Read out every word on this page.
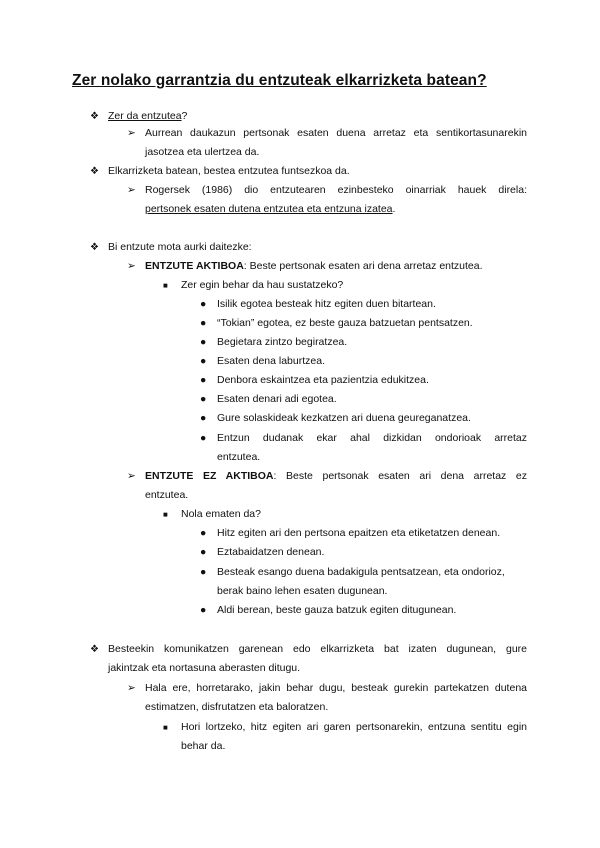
Zer nolako garrantzia du entzuteak elkarrizketa batean?
❖ Zer da entzutea?
➢ Aurrean daukazun pertsonak esaten duena arretaz eta sentikortasunarekin
jasotzea eta ulertzea da.
❖ Elkarrizketa batean, bestea entzutea funtsezkoa da.
➢ Rogersek (1986) dio entzutearen ezinbesteko oinarriak hauek direla:
pertsonek esaten dutena entzutea eta entzuna izatea.
❖ Bi entzute mota aurki daitezke:
➢ ENTZUTE AKTIBOA: Beste pertsonak esaten ari dena arretaz entzutea.
■ Zer egin behar da hau sustatzeko?
● Isilik egotea besteak hitz egiten duen bitartean.
● “Tokian” egotea, ez beste gauza batzuetan pentsatzen.
● Begietara zintzo begiratzea.
● Esaten dena laburtzea.
● Denbora eskaintzea eta pazientzia edukitzea.
● Esaten denari adi egotea.
● Gure solaskideak kezkatzen ari duena geureganatzea.
● Entzun dudanak ekar ahal dizkidan ondorioak arretaz
entzutea.
➢ ENTZUTE EZ AKTIBOA: Beste pertsonak esaten ari dena arretaz ez
entzutea.
■ Nola ematen da?
● Hitz egiten ari den pertsona epaitzen eta etiketatzen denean.
● Eztabaidatzen denean.
● Besteak esango duena badakigula pentsatzean, eta ondorioz,
berak baino lehen esaten dugunean.
● Aldi berean, beste gauza batzuk egiten ditugunean.
❖ Besteekin komunikatzen garenean edo elkarrizketa bat izaten dugunean, gure
jakintzak eta nortasuna aberasten ditugu.
➢ Hala ere, horretarako, jakin behar dugu, besteak gurekin partekatzen dutena
estimatzen, disfrutatzen eta baloratzen.
■ Hori lortzeko, hitz egiten ari garen pertsonarekin, entzuna sentitu egin
behar da.
